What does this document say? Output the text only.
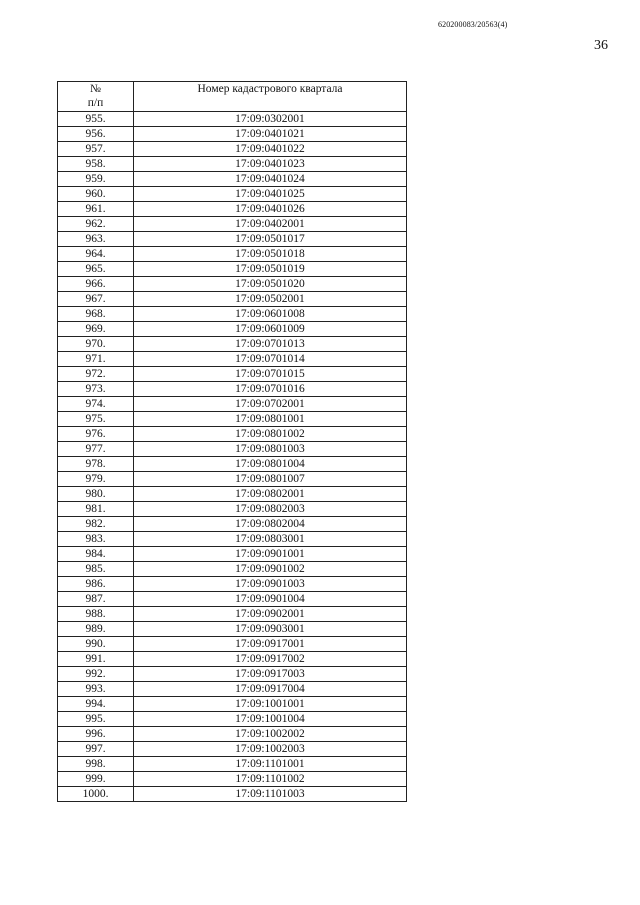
620200083/20563(4)
36
№
п/п	Номер кадастрового квартала
955.	17:09:0302001
956.	17:09:0401021
957.	17:09:0401022
958.	17:09:0401023
959.	17:09:0401024
960.	17:09:0401025
961.	17:09:0401026
962.	17:09:0402001
963.	17:09:0501017
964.	17:09:0501018
965.	17:09:0501019
966.	17:09:0501020
967.	17:09:0502001
968.	17:09:0601008
969.	17:09:0601009
970.	17:09:0701013
971.	17:09:0701014
972.	17:09:0701015
973.	17:09:0701016
974.	17:09:0702001
975.	17:09:0801001
976.	17:09:0801002
977.	17:09:0801003
978.	17:09:0801004
979.	17:09:0801007
980.	17:09:0802001
981.	17:09:0802003
982.	17:09:0802004
983.	17:09:0803001
984.	17:09:0901001
985.	17:09:0901002
986.	17:09:0901003
987.	17:09:0901004
988.	17:09:0902001
989.	17:09:0903001
990.	17:09:0917001
991.	17:09:0917002
992.	17:09:0917003
993.	17:09:0917004
994.	17:09:1001001
995.	17:09:1001004
996.	17:09:1002002
997.	17:09:1002003
998.	17:09:1101001
999.	17:09:1101002
1000.	17:09:1101003
